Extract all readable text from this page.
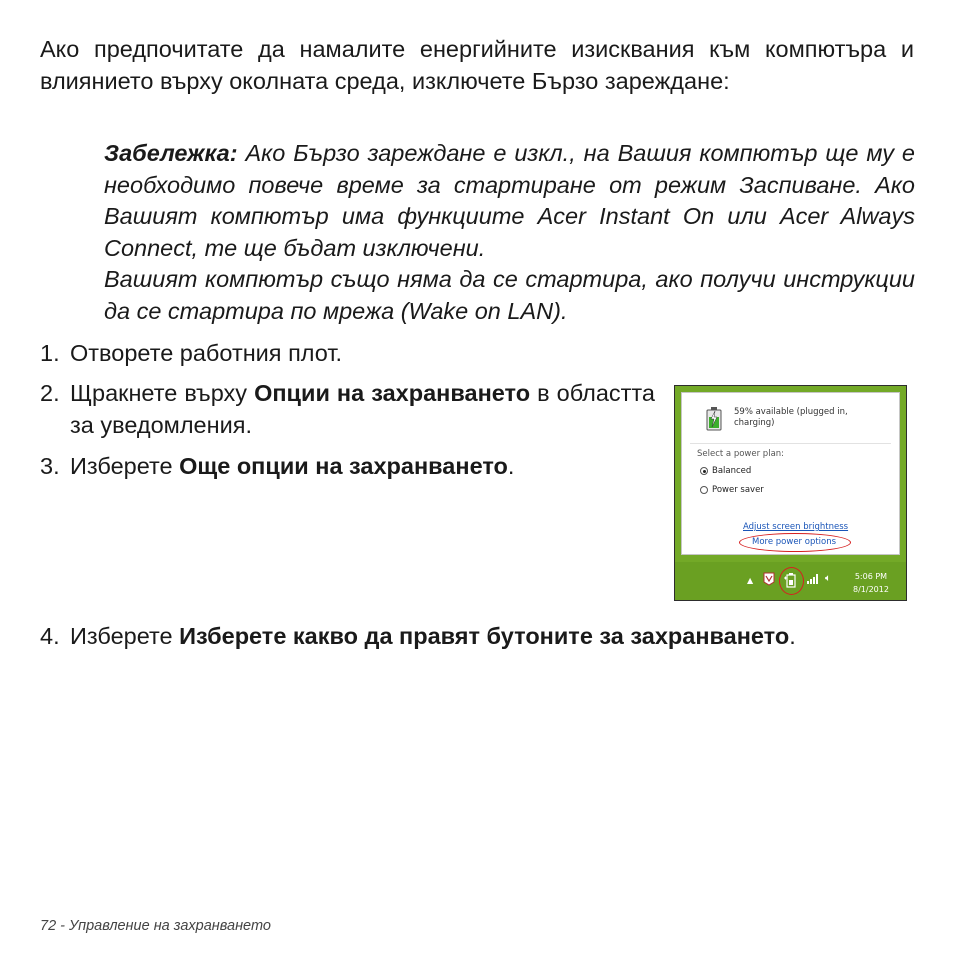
Ако предпочитате да намалите енергийните изисквания към компютъра и влиянието върху околната среда, изключете Бързо зареждане:

Забележка: Ако Бързо зареждане е изкл., на Вашия компютър ще му е необходимо повече време за стартиране от режим Заспиване. Ако Вашият компютър има функциите Acer Instant On или Acer Always Connect, те ще бъдат изключени.

Вашият компютър също няма да се стартира, ако получи инструкции да се стартира по мрежа (Wake on LAN).

1. Отворете работния плот.
2. Щракнете върху Опции на захранването в областта за уведомления.
3. Изберете Още опции на захранването.
59% available (plugged in, charging)
Select a power plan:
Balanced
Power saver
Adjust screen brightness
More power options
▲	🔈︎	5:06 PM
8/1/2012
4. Изберете Изберете какво да правят бутоните за захранването.
72 - Управление на захранването
